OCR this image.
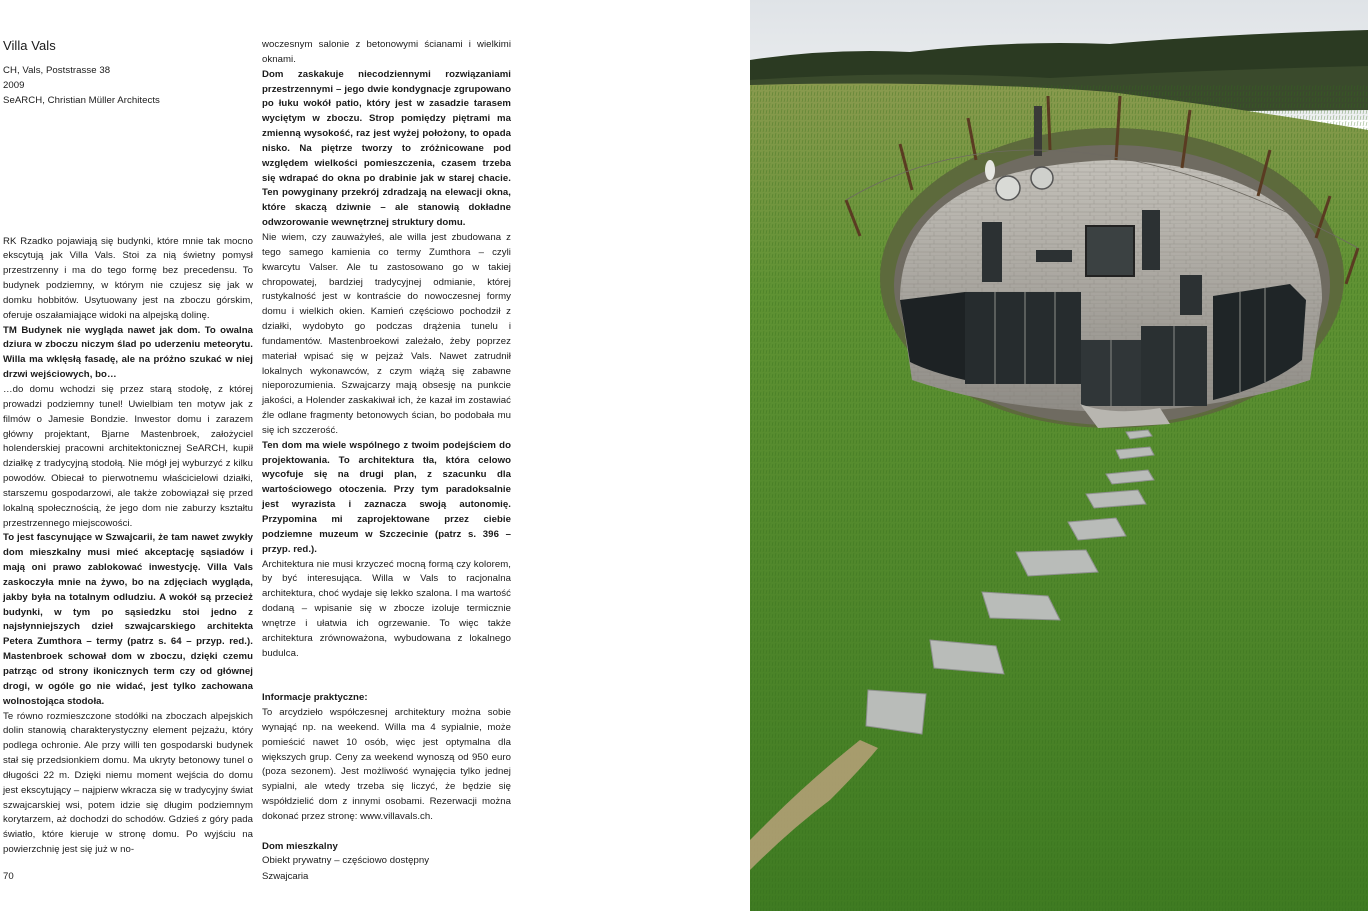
Villa Vals

CH, Vals, Poststrasse 38

2009

SeARCH, Christian Müller Architects

RK Rzadko pojawiają się budynki, które mnie tak mocno ekscytują jak Villa Vals. Stoi za nią świetny pomysł przestrzenny i ma do tego formę bez precedensu. To budynek podziemny, w którym nie czujesz się jak w domku hobbitów. Usytuowany jest na zboczu górskim, oferuje oszałamiające widoki na alpejską dolinę.

TM Budynek nie wygląda nawet jak dom. To owalna dziura w zboczu niczym ślad po uderzeniu meteorytu. Willa ma wklęsłą fasadę, ale na próżno szukać w niej drzwi wejściowych, bo…

…do domu wchodzi się przez starą stodołę, z której prowadzi podziemny tunel! Uwielbiam ten motyw jak z filmów o Jamesie Bondzie. Inwestor domu i zarazem główny projektant, Bjarne Mastenbroek, założyciel holenderskiej pracowni architektonicznej SeARCH, kupił działkę z tradycyjną stodołą. Nie mógł jej wyburzyć z kilku powodów. Obiecał to pierwotnemu właścicielowi działki, starszemu gospodarzowi, ale także zobowiązał się przed lokalną społecznością, że jego dom nie zaburzy kształtu przestrzennego miejscowości.

To jest fascynujące w Szwajcarii, że tam nawet zwykły dom mieszkalny musi mieć akceptację sąsiadów i mają oni prawo zablokować inwestycję. Villa Vals zaskoczyła mnie na żywo, bo na zdjęciach wygląda, jakby była na totalnym odludziu. A wokół są przecież budynki, w tym po sąsiedzku stoi jedno z najsłynniejszych dzieł szwajcarskiego architekta Petera Zumthora – termy (patrz s. 64 – przyp. red.). Mastenbroek schował dom w zboczu, dzięki czemu patrząc od strony ikonicznych term czy od głównej drogi, w ogóle go nie widać, jest tylko zachowana wolnostojąca stodoła.

Te równo rozmieszczone stodółki na zboczach alpejskich dolin stanowią charakterystyczny element pejzażu, który podlega ochronie. Ale przy willi ten gospodarski budynek stał się przedsionkiem domu. Ma ukryty betonowy tunel o długości 22 m. Dzięki niemu moment wejścia do domu jest ekscytujący – najpierw wkracza się w tradycyjny świat szwajcarskiej wsi, potem idzie się długim podziemnym korytarzem, aż dochodzi do schodów. Gdzieś z góry pada światło, które kieruje w stronę domu. Po wyjściu na powierzchnię jest się już w no-

woczesnym salonie z betonowymi ścianami i wielkimi oknami.

Dom zaskakuje niecodziennymi rozwiązaniami przestrzennymi – jego dwie kondygnacje zgrupowano po łuku wokół patio, który jest w zasadzie tarasem wyciętym w zboczu. Strop pomiędzy piętrami ma zmienną wysokość, raz jest wyżej położony, to opada nisko. Na piętrze tworzy to zróżnicowane pod względem wielkości pomieszczenia, czasem trzeba się wdrapać do okna po drabinie jak w starej chacie. Ten powyginany przekrój zdradzają na elewacji okna, które skaczą dziwnie – ale stanowią dokładne odwzorowanie wewnętrznej struktury domu.

Nie wiem, czy zauważyłeś, ale willa jest zbudowana z tego samego kamienia co termy Zumthora – czyli kwarcytu Valser. Ale tu zastosowano go w takiej chropowatej, bardziej tradycyjnej odmianie, której rustykalność jest w kontraście do nowoczesnej formy domu i wielkich okien. Kamień częściowo pochodził z działki, wydobyto go podczas drążenia tunelu i fundamentów. Mastenbroekowi zależało, żeby poprzez materiał wpisać się w pejzaż Vals. Nawet zatrudnił lokalnych wykonawców, z czym wiążą się zabawne nieporozumienia. Szwajcarzy mają obsesję na punkcie jakości, a Holender zaskakiwał ich, że kazał im zostawiać źle odlane fragmenty betonowych ścian, bo podobała mu się ich szczerość.

Ten dom ma wiele wspólnego z twoim podejściem do projektowania. To architektura tła, która celowo wycofuje się na drugi plan, z szacunku dla wartościowego otoczenia. Przy tym paradoksalnie jest wyrazista i zaznacza swoją autonomię. Przypomina mi zaprojektowane przez ciebie podziemne muzeum w Szczecinie (patrz s. 396 – przyp. red.).

Architektura nie musi krzyczeć mocną formą czy kolorem, by być interesująca. Willa w Vals to racjonalna architektura, choć wydaje się lekko szalona. I ma wartość dodaną – wpisanie się w zbocze izoluje termicznie wnętrze i ułatwia ich ogrzewanie. To więc także architektura zrównoważona, wybudowana z lokalnego budulca.

Informacje praktyczne:

To arcydzieło współczesnej architektury można sobie wynająć np. na weekend. Willa ma 4 sypialnie, może pomieścić nawet 10 osób, więc jest optymalna dla większych grup. Ceny za weekend wynoszą od 950 euro (poza sezonem). Jest możliwość wynajęcia tylko jednej sypialni, ale wtedy trzeba się liczyć, że będzie się współdzielić dom z innymi osobami. Rezerwacji można dokonać przez stronę: www.villavals.ch.

Dom mieszkalny

Obiekt prywatny – częściowo dostępny

70	Szwajcaria
